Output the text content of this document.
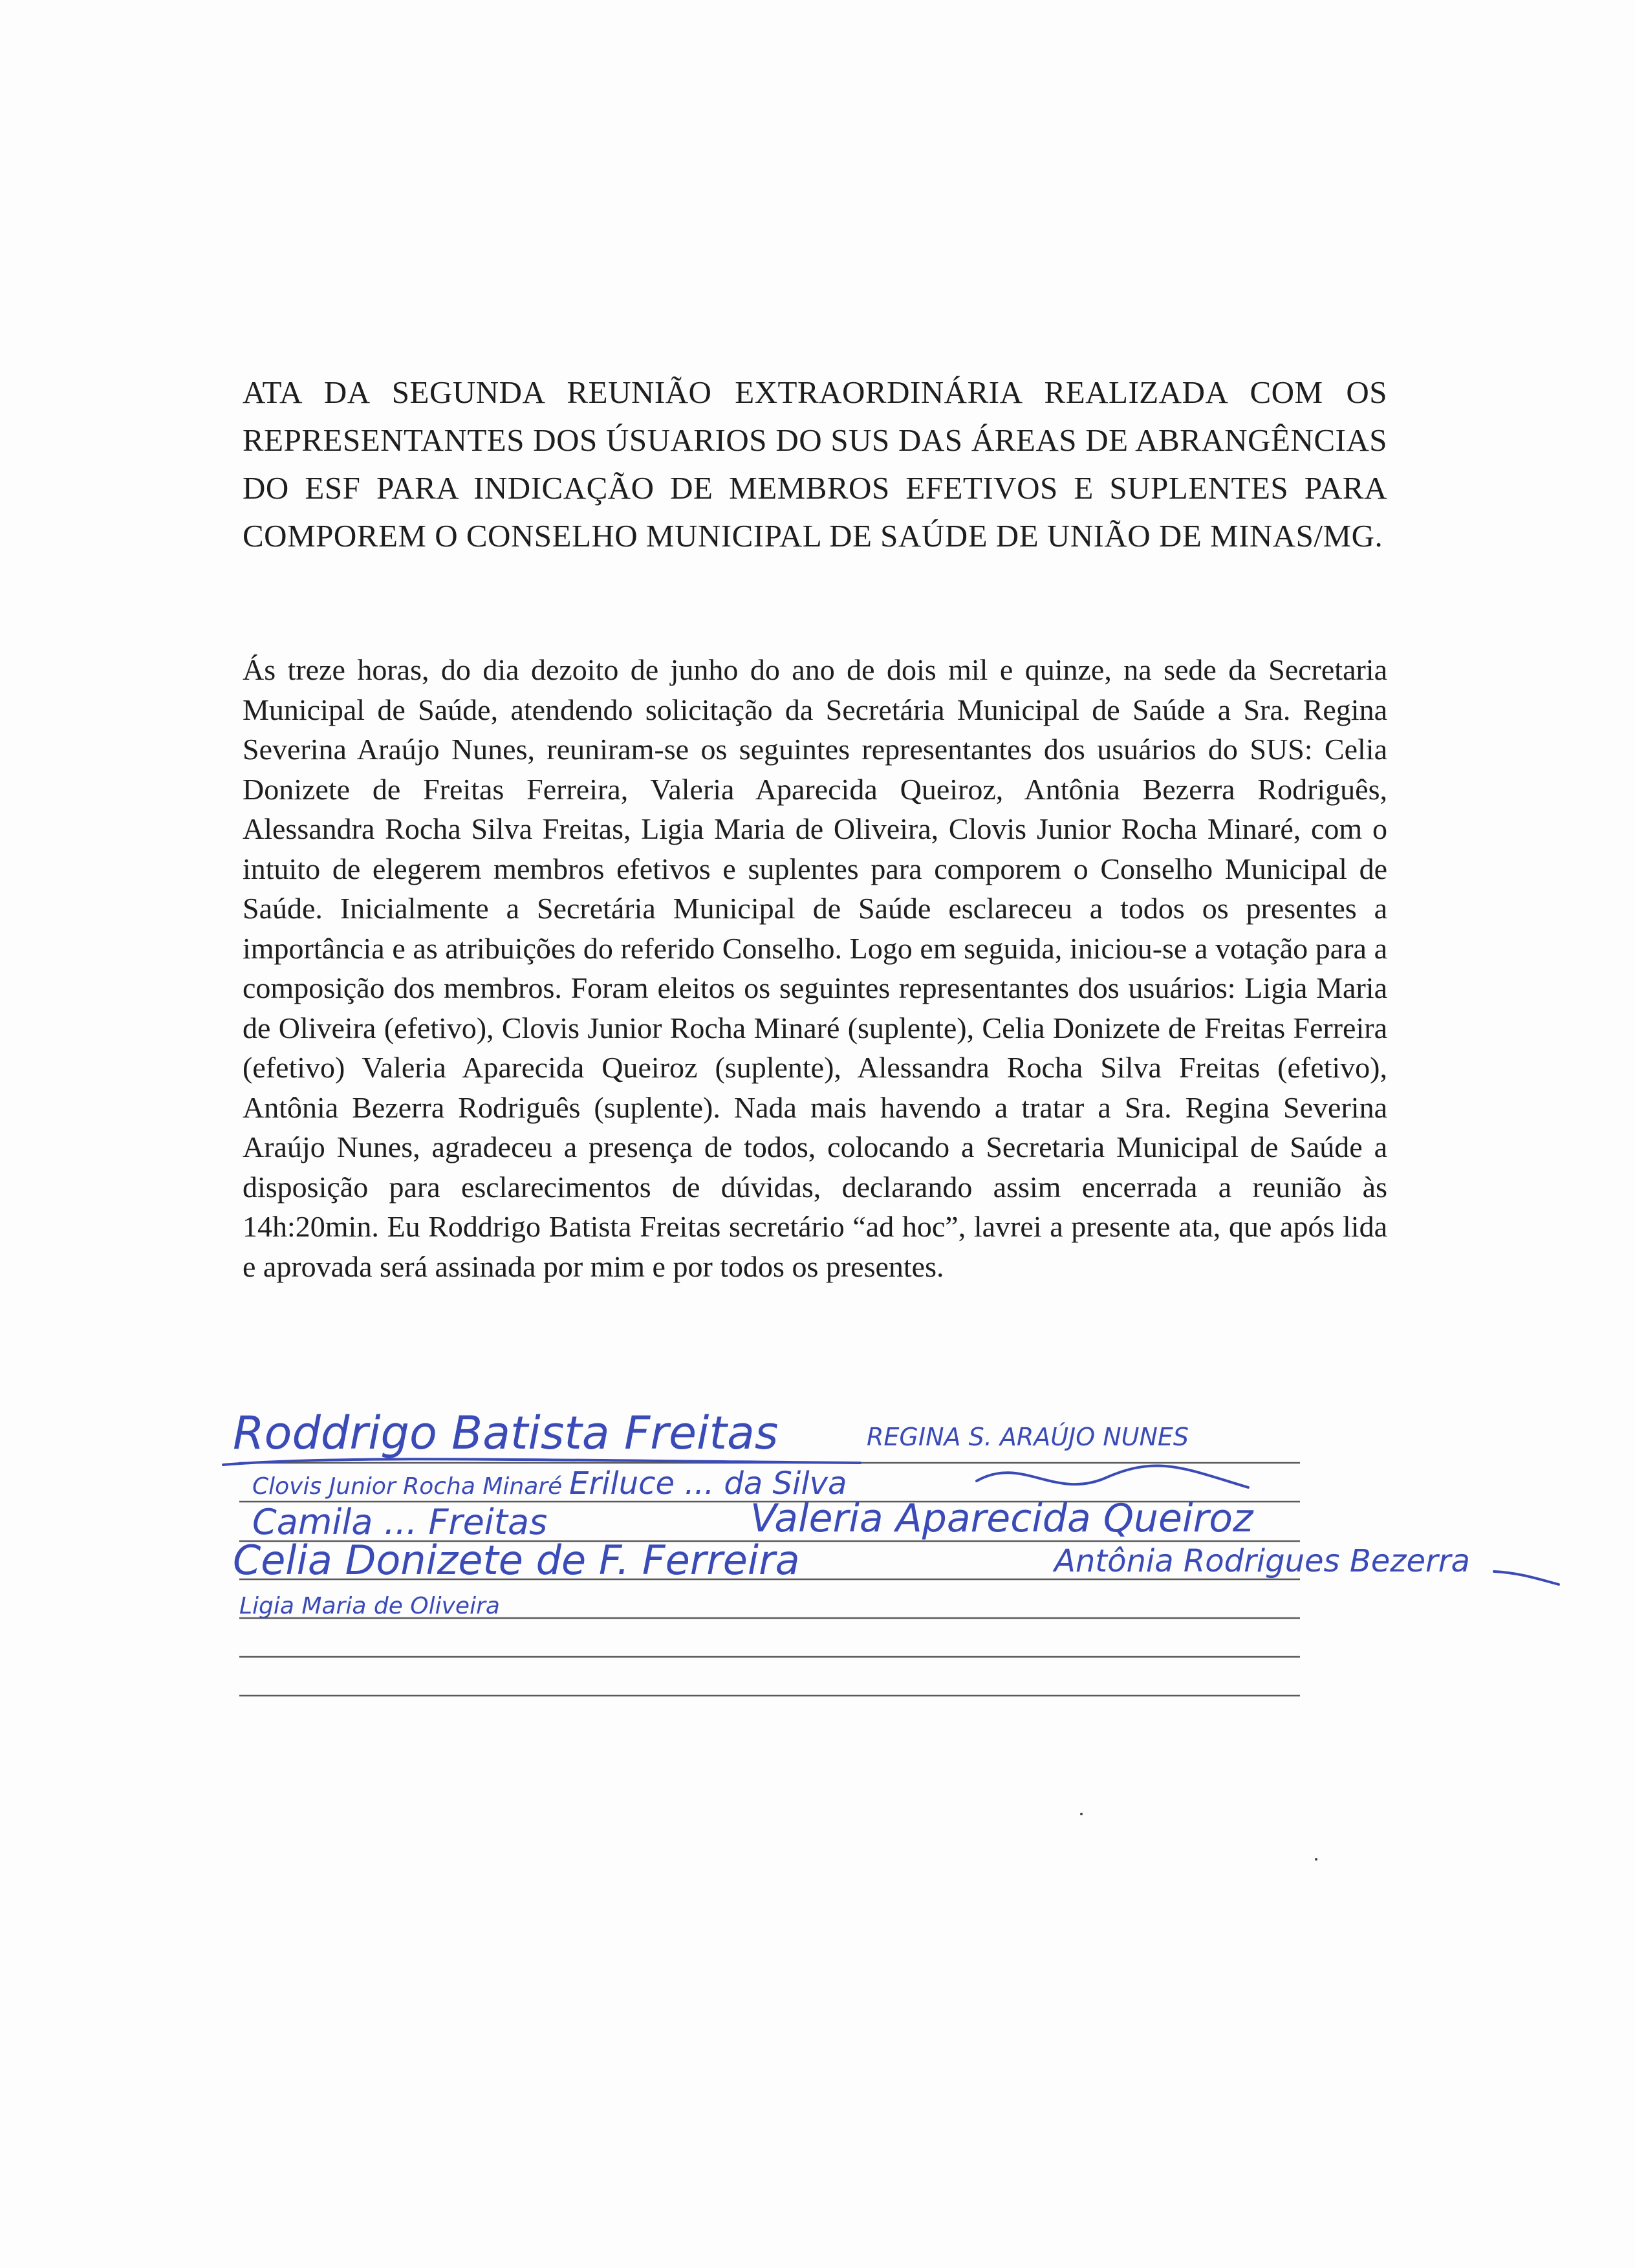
ATA DA SEGUNDA REUNIÃO EXTRAORDINÁRIA REALIZADA COM OS REPRESENTANTES DOS ÚSUARIOS DO SUS DAS ÁREAS DE ABRANGÊNCIAS DO ESF PARA INDICAÇÃO DE MEMBROS EFETIVOS E SUPLENTES PARA COMPOREM O CONSELHO MUNICIPAL DE SAÚDE DE UNIÃO DE MINAS/MG.
Ás treze horas, do dia dezoito de junho do ano de dois mil e quinze, na sede da Secretaria Municipal de Saúde, atendendo solicitação da Secretária Municipal de Saúde a Sra. Regina Severina Araújo Nunes, reuniram-se os seguintes representantes dos usuários do SUS: Celia Donizete de Freitas Ferreira, Valeria Aparecida Queiroz, Antônia Bezerra Rodriguês, Alessandra Rocha Silva Freitas, Ligia Maria de Oliveira, Clovis Junior Rocha Minaré, com o intuito de elegerem membros efetivos e suplentes para comporem o Conselho Municipal de Saúde. Inicialmente a Secretária Municipal de Saúde esclareceu a todos os presentes a importância e as atribuições do referido Conselho. Logo em seguida, iniciou-se a votação para a composição dos membros. Foram eleitos os seguintes representantes dos usuários: Ligia Maria de Oliveira (efetivo), Clovis Junior Rocha Minaré (suplente), Celia Donizete de Freitas Ferreira (efetivo) Valeria Aparecida Queiroz (suplente), Alessandra Rocha Silva Freitas (efetivo), Antônia Bezerra Rodriguês (suplente). Nada mais havendo a tratar a Sra. Regina Severina Araújo Nunes, agradeceu a presença de todos, colocando a Secretaria Municipal de Saúde a disposição para esclarecimentos de dúvidas, declarando assim encerrada a reunião às 14h:20min. Eu Roddrigo Batista Freitas secretário “ad hoc”, lavrei a presente ata, que após lida e aprovada será assinada por mim e por todos os presentes.
Roddrigo Batista Freitas	REGINA S. ARAÚJO NUNES
Clovis Junior Rocha Minaré Eriluce ... da Silva
Camila ... Freitas	Valeria Aparecida Queiroz
Celia Donizete de F. Ferreira	Antônia Rodrigues Bezerra
Ligia Maria de Oliveira
